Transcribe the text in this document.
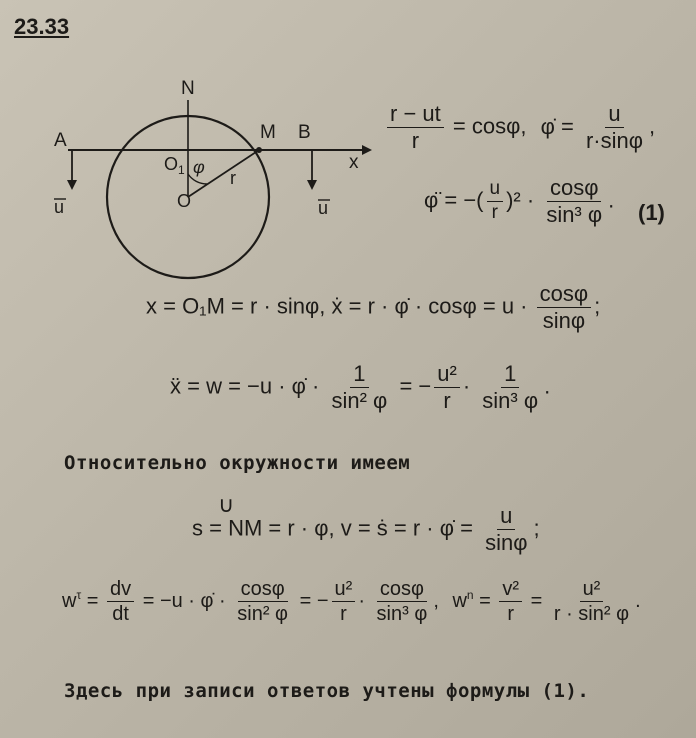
23.33
N
A	M B
x
O 1 φ
r
O
u	u
$\frac{r - ut}{r} = \cos\varphi$, φ̇ = $\frac{u}{r\cdot\sin\varphi}$ ,
φ̈ = −( $\frac{u}{r} )^2 \cdot \frac{\cos\varphi}{\text{sin³ φ}}$ . (1)
x = O₁M = r · sinφ, ẋ = r · φ̇ · $\cos\varphi = u \cdot \frac{\cos\varphi}{\sin\varphi}$ ;
ẍ = w = −u · φ̇ · $\frac{1}{\text{sin² φ}}$ = − $\frac{\text{u²}}{r} \cdot \frac{1}{\text{sin³ φ}}$ .
Относительно окружности имеем
∪
s = NM = r · φ, v = ṡ = r · φ̇ = $\frac{u}{\sin\varphi}$ ;
$w^\tau = \frac{dv}{dt} = -u$ · φ̇ · $\frac{\cos\varphi}{\text{sin² φ}}$ = − $\frac{\text{u²}}{r} \cdot \frac{\cos\varphi}{\text{sin³ φ}}$ , $w^n = \frac{\text{v²}}{r} = \frac{\text{u²}}{\text{r · sin² φ}}$ .
Здесь при записи ответов учтены формулы (1).
